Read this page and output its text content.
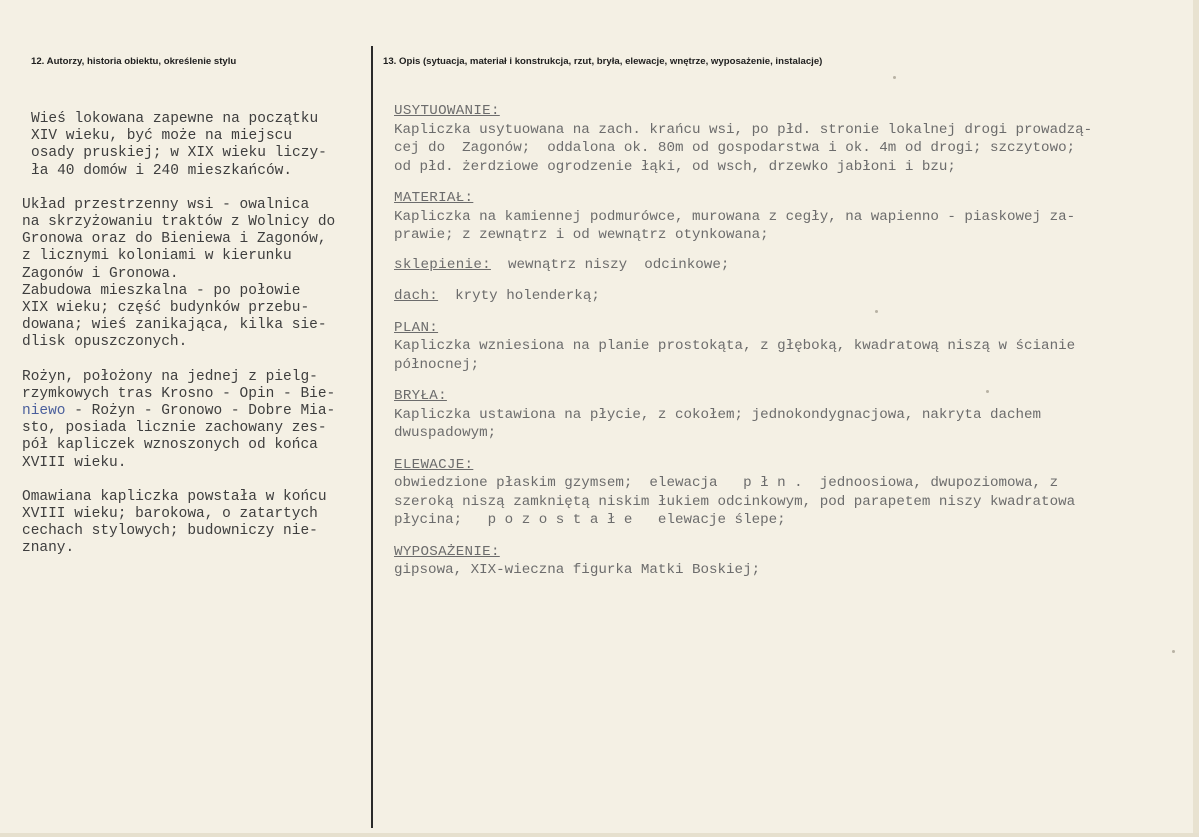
12. Autorzy, historia obiektu, określenie stylu	13. Opis (sytuacja, materiał i konstrukcja, rzut, bryła, elewacje, wnętrze, wyposażenie, instalacje)

Wieś lokowana zapewne na początku

XIV wieku, być może na miejscu

osady pruskiej; w XIX wieku liczy-

ła 40 domów i 240 mieszkańców.

Układ przestrzenny wsi - owalnica

na skrzyżowaniu traktów z Wolnicy do

Gronowa oraz do Bieniewa i Zagonów,

z licznymi koloniami w kierunku

Zagonów i Gronowa.

Zabudowa mieszkalna - po połowie

XIX wieku; część budynków przebu-

dowana; wieś zanikająca, kilka sie-

dlisk opuszczonych.

Rożyn, położony na jednej z pielg-

rzymkowych tras Krosno - Opin - Bie-

niewo - Rożyn - Gronowo - Dobre Mia-

sto, posiada licznie zachowany zes-

pół kapliczek wznoszonych od końca

XVIII wieku.

Omawiana kapliczka powstała w końcu

XVIII wieku; barokowa, o zatartych

cechach stylowych; budowniczy nie-

znany.

USYTUOWANIE:

Kapliczka usytuowana na zach. krańcu wsi, po płd. stronie lokalnej drogi prowadzą-

cej do  Zagonów;  oddalona ok. 80m od gospodarstwa i ok. 4m od drogi; szczytowo;

od płd. żerdziowe ogrodzenie łąki, od wsch, drzewko jabłoni i bzu;

MATERIAŁ:

Kapliczka na kamiennej podmurówce, murowana z cegły, na wapienno - piaskowej za-

prawie; z zewnątrz i od wewnątrz otynkowana;

sklepienie: wewnątrz niszy  odcinkowe;

dach: kryty holenderką;

PLAN:

Kapliczka wzniesiona na planie prostokąta, z głęboką, kwadratową niszą w ścianie

północnej;

BRYŁA:

Kapliczka ustawiona na płycie, z cokołem; jednokondygnacjowa, nakryta dachem

dwuspadowym;

ELEWACJE:

obwiedzione płaskim gzymsem;  elewacja   p ł n .  jednoosiowa, dwupoziomowa, z

szeroką niszą zamkniętą niskim łukiem odcinkowym, pod parapetem niszy kwadratowa

płycina;   p o z o s t a ł e   elewacje ślepe;

WYPOSAŻENIE:

gipsowa, XIX-wieczna figurka Matki Boskiej;
